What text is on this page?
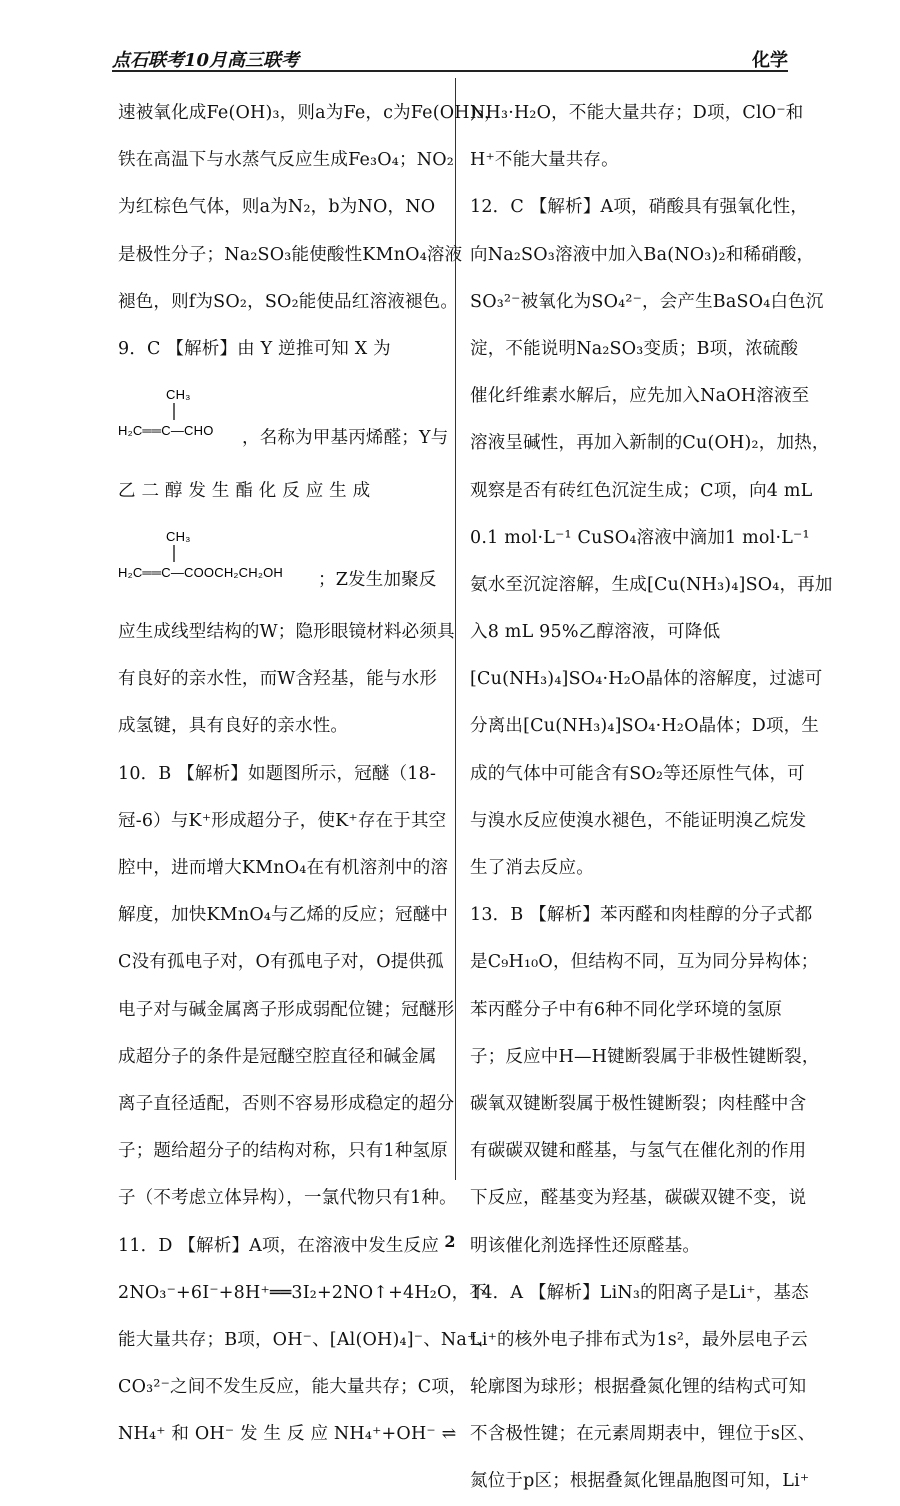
点石联考10月高三联考	化学
速被氧化成Fe(OH)₃，则a为Fe，c为Fe(OH)₃，
铁在高温下与水蒸气反应生成Fe₃O₄；NO₂
为红棕色气体，则a为N₂，b为NO，NO
是极性分子；Na₂SO₃能使酸性KMnO₄溶液
褪色，则f为SO₂，SO₂能使品红溶液褪色。
9．C 【解析】由 Y 逆推可知 X 为
CH₃
H₂C══C—CHO ，名称为甲基丙烯醛；Y与
乙 二 醇 发 生 酯 化 反 应 生 成
CH₃
H₂C══C—COOCH₂CH₂OH ；Z发生加聚反
应生成线型结构的W；隐形眼镜材料必须具
有良好的亲水性，而W含羟基，能与水形
成氢键，具有良好的亲水性。
10．B 【解析】如题图所示，冠醚（18-
冠-6）与K⁺形成超分子，使K⁺存在于其空
腔中，进而增大KMnO₄在有机溶剂中的溶
解度，加快KMnO₄与乙烯的反应；冠醚中
C没有孤电子对，O有孤电子对，O提供孤
电子对与碱金属离子形成弱配位键；冠醚形
成超分子的条件是冠醚空腔直径和碱金属
离子直径适配，否则不容易形成稳定的超分
子；题给超分子的结构对称，只有1种氢原
子（不考虑立体异构），一氯代物只有1种。
11．D 【解析】A项，在溶液中发生反应
2NO₃⁻+6I⁻+8H⁺══3I₂+2NO↑+4H₂O，不
能大量共存；B项，OH⁻、[Al(OH)₄]⁻、Na⁺、
CO₃²⁻之间不发生反应，能大量共存；C项，
NH₄⁺ 和 OH⁻ 发 生 反 应 NH₄⁺+OH⁻ ⇌
NH₃·H₂O，不能大量共存；D项，ClO⁻和
H⁺不能大量共存。
12．C 【解析】A项，硝酸具有强氧化性，
向Na₂SO₃溶液中加入Ba(NO₃)₂和稀硝酸，
SO₃²⁻被氧化为SO₄²⁻，会产生BaSO₄白色沉
淀，不能说明Na₂SO₃变质；B项，浓硫酸
催化纤维素水解后，应先加入NaOH溶液至
溶液呈碱性，再加入新制的Cu(OH)₂，加热，
观察是否有砖红色沉淀生成；C项，向4 mL
0.1 mol·L⁻¹ CuSO₄溶液中滴加1 mol·L⁻¹
氨水至沉淀溶解，生成[Cu(NH₃)₄]SO₄，再加
入8 mL 95%乙醇溶液，可降低
[Cu(NH₃)₄]SO₄·H₂O晶体的溶解度，过滤可
分离出[Cu(NH₃)₄]SO₄·H₂O晶体；D项，生
成的气体中可能含有SO₂等还原性气体，可
与溴水反应使溴水褪色，不能证明溴乙烷发
生了消去反应。
13．B 【解析】苯丙醛和肉桂醇的分子式都
是C₉H₁₀O，但结构不同，互为同分异构体；
苯丙醛分子中有6种不同化学环境的氢原
子；反应中H—H键断裂属于非极性键断裂，
碳氧双键断裂属于极性键断裂；肉桂醛中含
有碳碳双键和醛基，与氢气在催化剂的作用
下反应，醛基变为羟基，碳碳双键不变，说
明该催化剂选择性还原醛基。
14．A 【解析】LiN₃的阳离子是Li⁺，基态
Li⁺的核外电子排布式为1s²，最外层电子云
轮廓图为球形；根据叠氮化锂的结构式可知
不含极性键；在元素周期表中，锂位于s区、
氮位于p区；根据叠氮化锂晶胞图可知，Li⁺
2
